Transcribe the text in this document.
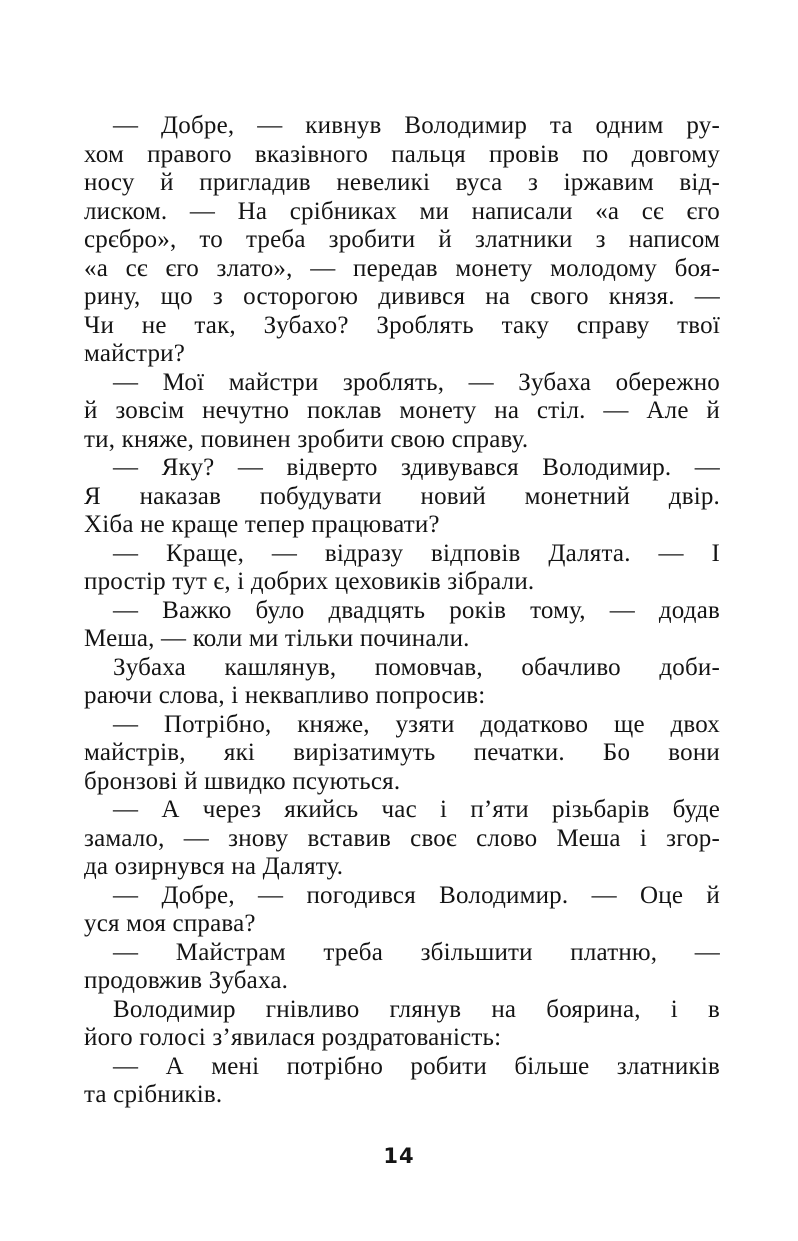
— Добре, — кивнув Володимир та одним ру-
хом правого вказівного пальця провів по довгому
носу й пригладив невеликі вуса з іржавим від-
лиском. — На срібниках ми написали «а сє єго
срєбро», то треба зробити й златники з написом
«а сє єго злато», — передав монету молодому боя-
рину, що з осторогою дивився на свого князя. —
Чи не так, Зубахо? Зроблять таку справу твої
майстри?
— Мої майстри зроблять, — Зубаха обережно
й зовсім нечутно поклав монету на стіл. — Але й
ти, княже, повинен зробити свою справу.
— Яку? — відверто здивувався Володимир. —
Я наказав побудувати новий монетний двір.
Хіба не краще тепер працювати?
— Краще, — відразу відповів Далята. — І
простір тут є, і добрих цеховиків зібрали.
— Важко було двадцять років тому, — додав
Меша, — коли ми тільки починали.
Зубаха кашлянув, помовчав, обачливо доби-
раючи слова, і неквапливо попросив:
— Потрібно, княже, узяти додатково ще двох
майстрів, які вирізатимуть печатки. Бо вони
бронзові й швидко псуються.
— А через якийсь час і п’яти різьбарів буде
замало, — знову вставив своє слово Меша і згор-
да озирнувся на Даляту.
— Добре, — погодився Володимир. — Оце й
уся моя справа?
— Майстрам треба збільшити платню, —
продовжив Зубаха.
Володимир гнівливо глянув на боярина, і в
його голосі з’явилася роздратованість:
— А мені потрібно робити більше златників
та срібників.
14
